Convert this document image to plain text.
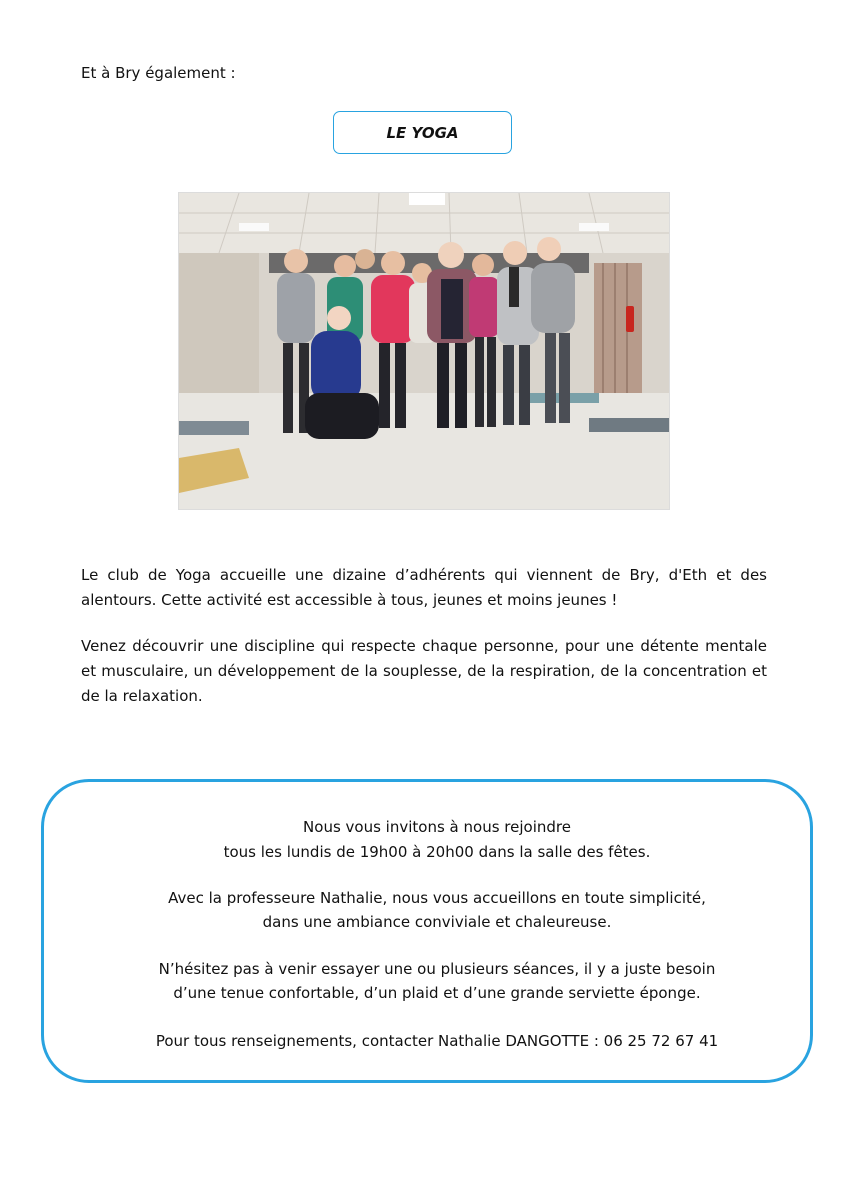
Et à Bry également :
LE YOGA

Le club de Yoga accueille une dizaine d’adhérents qui viennent de Bry, d'Eth et des alentours. Cette activité est accessible à tous, jeunes et moins jeunes !

Venez découvrir une discipline qui respecte chaque personne, pour une détente mentale et musculaire, un développement de la souplesse, de la respiration, de la concentration et de la relaxation.

Nous vous invitons à nous rejoindre
tous les lundis de 19h00 à 20h00 dans la salle des fêtes.
Avec la professeure Nathalie, nous vous accueillons en toute simplicité,
dans une ambiance conviviale et chaleureuse.
N’hésitez pas à venir essayer une ou plusieurs séances, il y a juste besoin
d’une tenue confortable, d’un plaid et d’une grande serviette éponge.
Pour tous renseignements, contacter Nathalie DANGOTTE : 06 25 72 67 41
